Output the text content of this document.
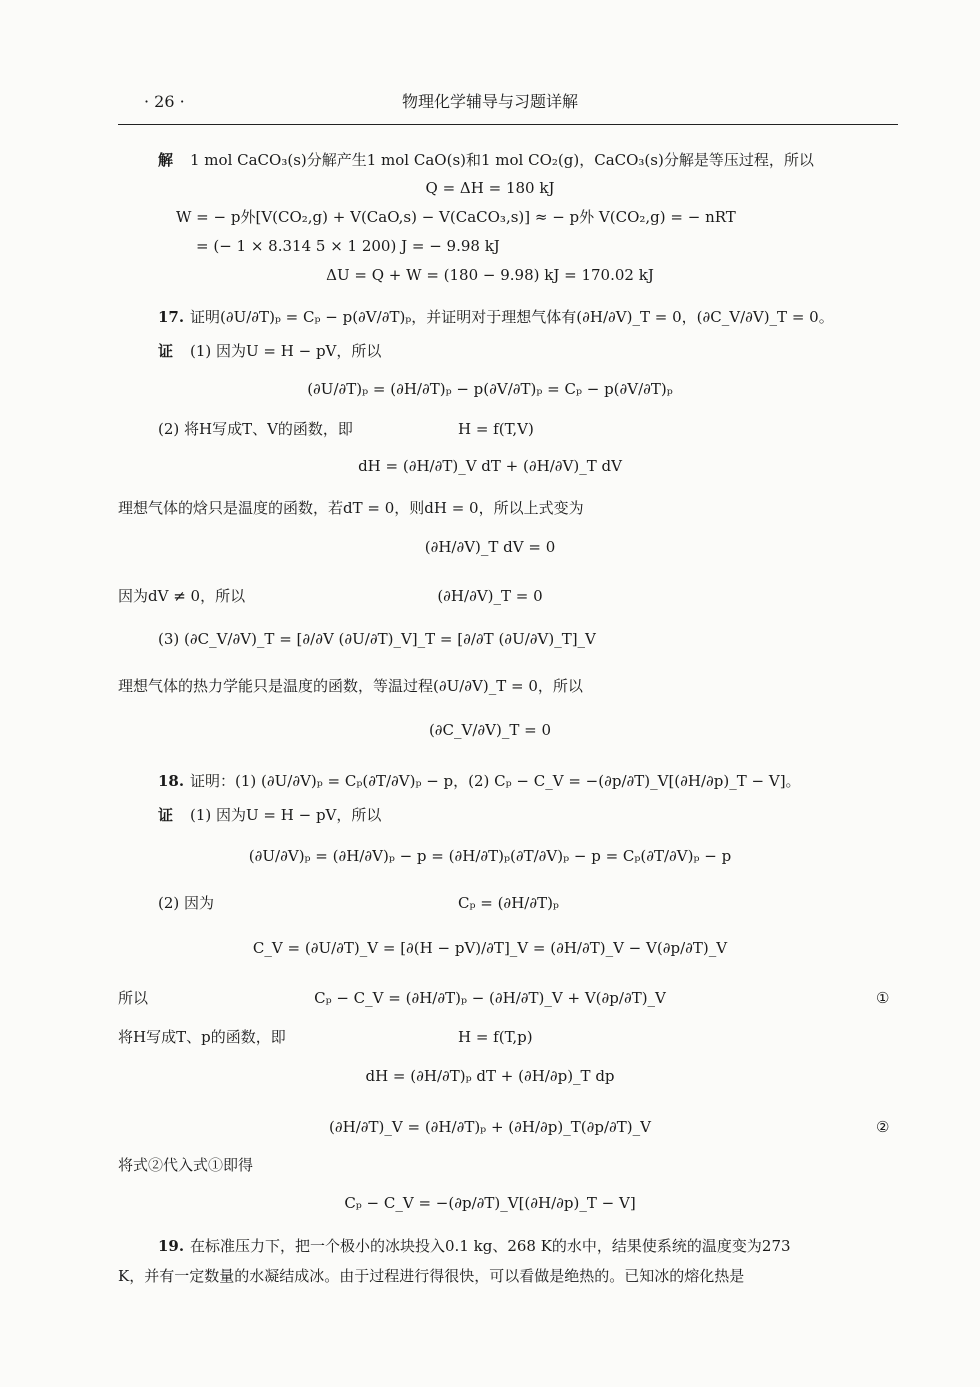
· 26 ·	物理化学辅导与习题详解
解 1 mol CaCO₃(s)分解产生1 mol CaO(s)和1 mol CO₂(g)，CaCO₃(s)分解是等压过程，所以
Q = ΔH = 180 kJ
W = − p外[V(CO₂,g) + V(CaO,s) − V(CaCO₃,s)] ≈ − p外 V(CO₂,g) = − nRT
= (− 1 × 8.314 5 × 1 200) J = − 9.98 kJ
ΔU = Q + W = (180 − 9.98) kJ = 170.02 kJ
17. 证明(∂U/∂T)ₚ = Cₚ − p(∂V/∂T)ₚ，并证明对于理想气体有(∂H/∂V)_T = 0，(∂C_V/∂V)_T = 0。
证 (1) 因为U = H − pV，所以
(∂U/∂T)ₚ = (∂H/∂T)ₚ − p(∂V/∂T)ₚ = Cₚ − p(∂V/∂T)ₚ
(2) 将H写成T、V的函数，即	H = f(T,V)
dH = (∂H/∂T)_V dT + (∂H/∂V)_T dV
理想气体的焓只是温度的函数，若dT = 0，则dH = 0，所以上式变为
(∂H/∂V)_T dV = 0
因为dV ≠ 0，所以	(∂H/∂V)_T = 0
(3) (∂C_V/∂V)_T = [∂/∂V (∂U/∂T)_V]_T = [∂/∂T (∂U/∂V)_T]_V
理想气体的热力学能只是温度的函数，等温过程(∂U/∂V)_T = 0，所以
(∂C_V/∂V)_T = 0
18. 证明：(1) (∂U/∂V)ₚ = Cₚ(∂T/∂V)ₚ − p，(2) Cₚ − C_V = −(∂p/∂T)_V[(∂H/∂p)_T − V]。
证 (1) 因为U = H − pV，所以
(∂U/∂V)ₚ = (∂H/∂V)ₚ − p = (∂H/∂T)ₚ(∂T/∂V)ₚ − p = Cₚ(∂T/∂V)ₚ − p
(2) 因为	Cₚ = (∂H/∂T)ₚ
C_V = (∂U/∂T)_V = [∂(H − pV)/∂T]_V = (∂H/∂T)_V − V(∂p/∂T)_V
所以	Cₚ − C_V = (∂H/∂T)ₚ − (∂H/∂T)_V + V(∂p/∂T)_V	①
将H写成T、p的函数，即	H = f(T,p)
dH = (∂H/∂T)ₚ dT + (∂H/∂p)_T dp
(∂H/∂T)_V = (∂H/∂T)ₚ + (∂H/∂p)_T(∂p/∂T)_V	②
将式②代入式①即得
Cₚ − C_V = −(∂p/∂T)_V[(∂H/∂p)_T − V]
19. 在标准压力下，把一个极小的冰块投入0.1 kg、268 K的水中，结果使系统的温度变为273
K，并有一定数量的水凝结成冰。由于过程进行得很快，可以看做是绝热的。已知冰的熔化热是
